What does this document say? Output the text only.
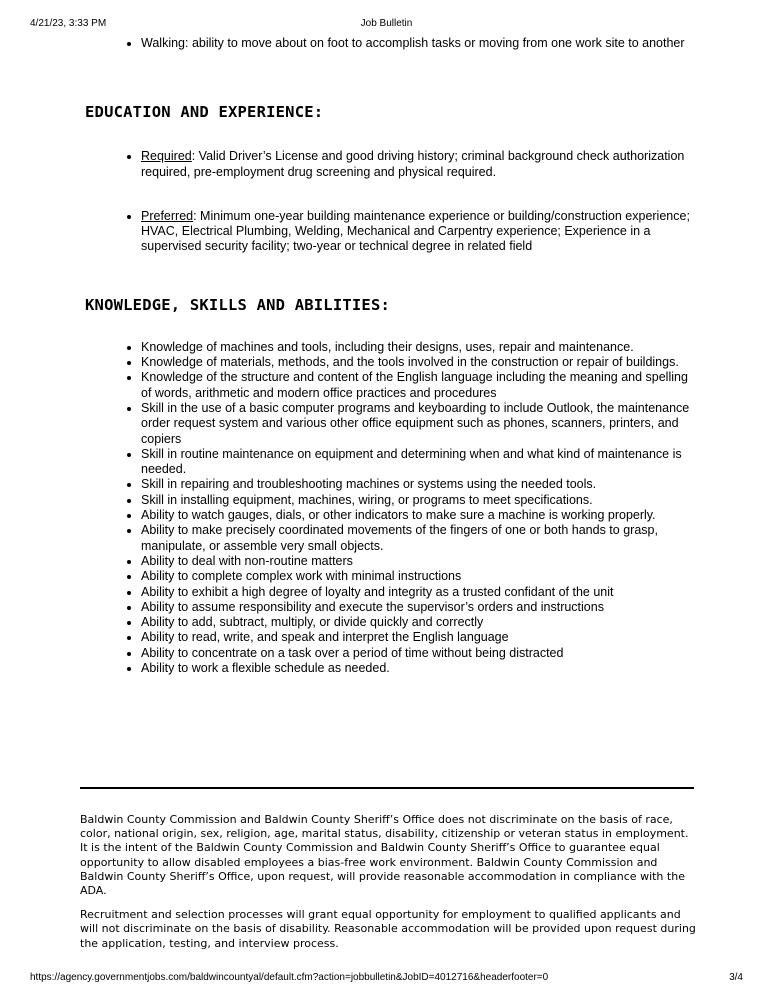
4/21/23, 3:33 PM	Job Bulletin
• Walking: ability to move about on foot to accomplish tasks or moving from one work site to another
EDUCATION AND EXPERIENCE:
• Required: Valid Driver’s License and good driving history; criminal background check authorization required, pre-employment drug screening and physical required.
• Preferred: Minimum one-year building maintenance experience or building/construction experience; HVAC, Electrical Plumbing, Welding, Mechanical and Carpentry experience; Experience in a supervised security facility; two-year or technical degree in related field
KNOWLEDGE, SKILLS AND ABILITIES:
• Knowledge of machines and tools, including their designs, uses, repair and maintenance.
• Knowledge of materials, methods, and the tools involved in the construction or repair of buildings.
• Knowledge of the structure and content of the English language including the meaning and spelling of words, arithmetic and modern office practices and procedures
• Skill in the use of a basic computer programs and keyboarding to include Outlook, the maintenance order request system and various other office equipment such as phones, scanners, printers, and copiers
• Skill in routine maintenance on equipment and determining when and what kind of maintenance is needed.
• Skill in repairing and troubleshooting machines or systems using the needed tools.
• Skill in installing equipment, machines, wiring, or programs to meet specifications.
• Ability to watch gauges, dials, or other indicators to make sure a machine is working properly.
• Ability to make precisely coordinated movements of the fingers of one or both hands to grasp, manipulate, or assemble very small objects.
• Ability to deal with non-routine matters
• Ability to complete complex work with minimal instructions
• Ability to exhibit a high degree of loyalty and integrity as a trusted confidant of the unit
• Ability to assume responsibility and execute the supervisor’s orders and instructions
• Ability to add, subtract, multiply, or divide quickly and correctly
• Ability to read, write, and speak and interpret the English language
• Ability to concentrate on a task over a period of time without being distracted
• Ability to work a flexible schedule as needed.

Baldwin County Commission and Baldwin County Sheriff’s Office does not discriminate on the basis of race, color, national origin, sex, religion, age, marital status, disability, citizenship or veteran status in employment. It is the intent of the Baldwin County Commission and Baldwin County Sheriff’s Office to guarantee equal opportunity to allow disabled employees a bias-free work environment. Baldwin County Commission and Baldwin County Sheriff’s Office, upon request, will provide reasonable accommodation in compliance with the ADA.

Recruitment and selection processes will grant equal opportunity for employment to qualified applicants and will not discriminate on the basis of disability. Reasonable accommodation will be provided upon request during the application, testing, and interview process.

https://agency.governmentjobs.com/baldwincountyal/default.cfm?action=jobbulletin&JobID=4012716&headerfooter=0	3/4
